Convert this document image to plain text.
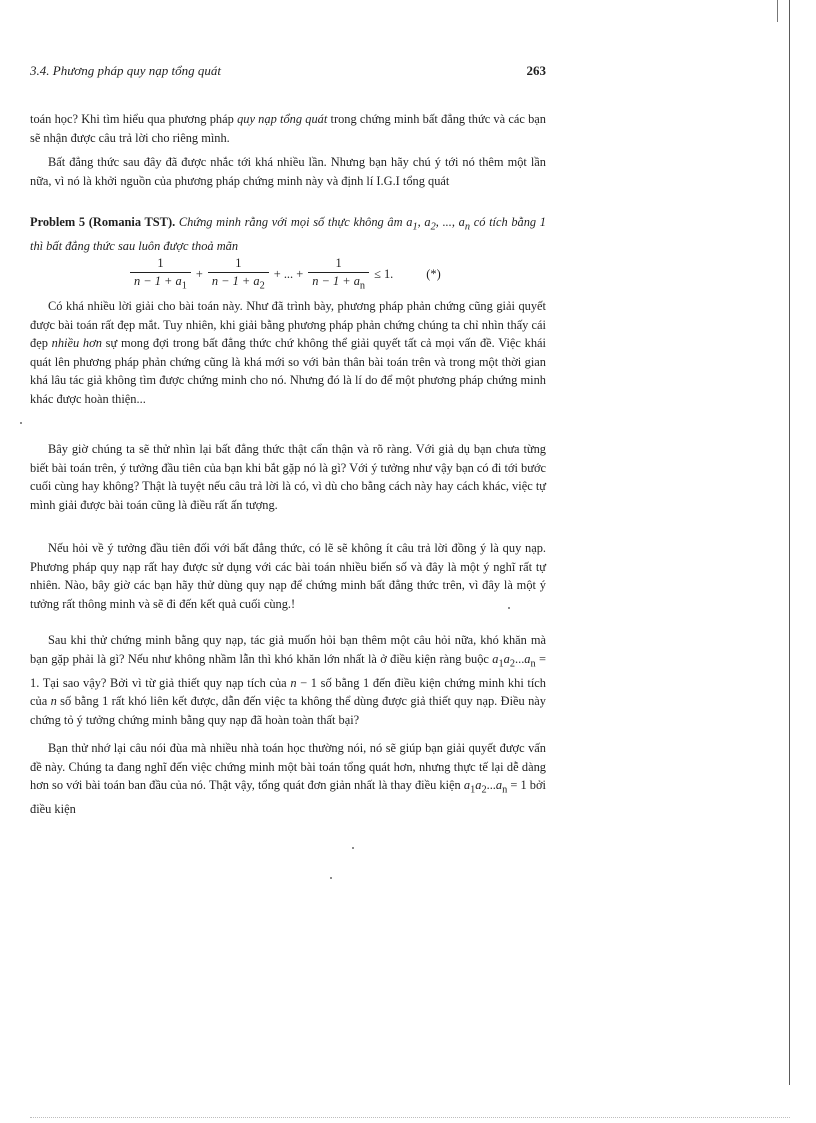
3.4. Phương pháp quy nạp tổng quát	263
toán học? Khi tìm hiểu qua phương pháp quy nạp tổng quát trong chứng minh bất đẳng thức và các bạn sẽ nhận được câu trả lời cho riêng mình.
Bất đẳng thức sau đây đã được nhắc tới khá nhiều lần. Nhưng bạn hãy chú ý tới nó thêm một lần nữa, vì nó là khởi nguồn của phương pháp chứng minh này và định lí I.G.I tổng quát
Problem 5 (Romania TST). Chứng minh rằng với mọi số thực không âm $a_1$, $a_2$, ..., $a_n$ có tích bằng 1 thì bất đẳng thức sau luôn được thoả mãn
$\frac{1}{n - 1 + a_1} + \frac{1}{n - 1 + a_2}$ + ... + $\frac{1}{n - 1 + a_n} \le 1$.	(*)
Có khá nhiều lời giải cho bài toán này. Như đã trình bày, phương pháp phản chứng cũng giải quyết được bài toán rất đẹp mắt. Tuy nhiên, khi giải bằng phương pháp phản chứng chúng ta chỉ nhìn thấy cái đẹp nhiều hơn sự mong đợi trong bất đẳng thức chứ không thể giải quyết tất cả mọi vấn đề. Việc khái quát lên phương pháp phản chứng cũng là khá mới so với bản thân bài toán trên và trong một thời gian khá lâu tác giả không tìm được chứng minh cho nó. Nhưng đó là lí do để một phương pháp chứng minh khác được hoàn thiện...
Bây giờ chúng ta sẽ thử nhìn lại bất đẳng thức thật cẩn thận và rõ ràng. Với giả dụ bạn chưa từng biết bài toán trên, ý tưởng đầu tiên của bạn khi bắt gặp nó là gì? Với ý tưởng như vậy bạn có đi tới bước cuối cùng hay không? Thật là tuyệt nếu câu trả lời là có, vì dù cho bằng cách này hay cách khác, việc tự mình giải được bài toán cũng là điều rất ấn tượng.
Nếu hỏi về ý tưởng đầu tiên đối với bất đẳng thức, có lẽ sẽ không ít câu trả lời đồng ý là quy nạp. Phương pháp quy nạp rất hay được sử dụng với các bài toán nhiều biến số và đây là một ý nghĩ rất tự nhiên. Nào, bây giờ các bạn hãy thử dùng quy nạp để chứng minh bất đẳng thức trên, vì đây là một ý tưởng rất thông minh và sẽ đi đến kết quả cuối cùng.!
Sau khi thử chứng minh bằng quy nạp, tác giả muốn hỏi bạn thêm một câu hỏi nữa, khó khăn mà bạn gặp phải là gì? Nếu như không nhầm lẫn thì khó khăn lớn nhất là ở điều kiện ràng buộc $a_1a_2...a_n = 1$. Tại sao vậy? Bởi vì từ giả thiết quy nạp tích của n − 1 số bằng 1 đến điều kiện chứng minh khi tích của n số bằng 1 rất khó liên kết được, dẫn đến việc ta không thể dùng được giả thiết quy nạp. Điều này chứng tỏ ý tưởng chứng minh bằng quy nạp đã hoàn toàn thất bại?
Bạn thử nhớ lại câu nói đùa mà nhiều nhà toán học thường nói, nó sẽ giúp bạn giải quyết được vấn đề này. Chúng ta đang nghĩ đến việc chứng minh một bài toán tổng quát hơn, nhưng thực tế lại dễ dàng hơn so với bài toán ban đầu của nó. Thật vậy, tổng quát đơn giản nhất là thay điều kiện $a_1a_2...a_n = 1$ bởi điều kiện
